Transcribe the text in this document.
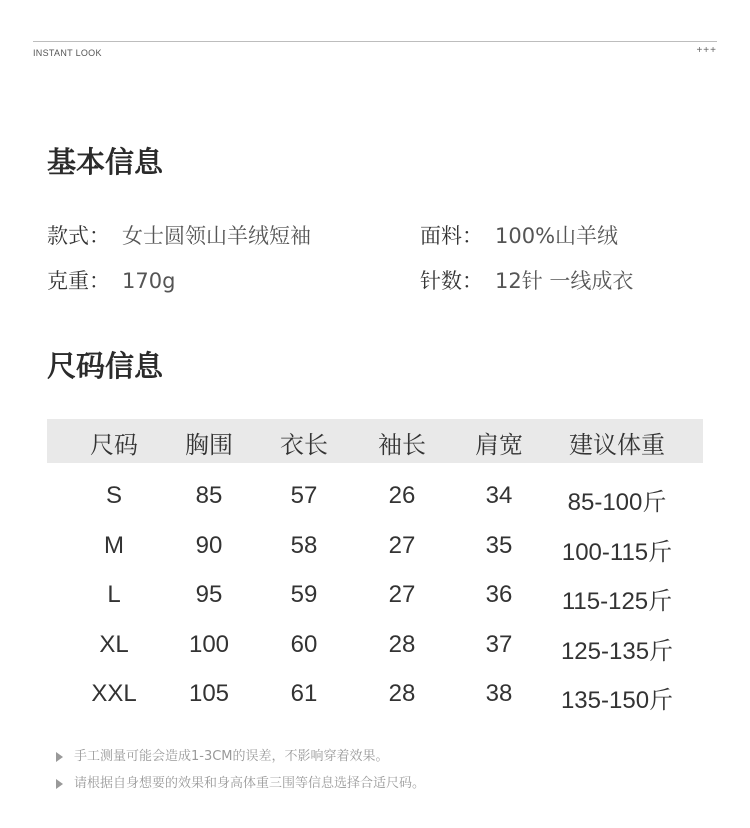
INSTANT LOOK	+++
基本信息
款式： 女士圆领山羊绒短袖	面料： 100%山羊绒
克重： 170g	针数： 12针 一线成衣
尺码信息
尺码 胸围 衣长 袖长 肩宽 建议体重
S	85	57	26	34 85-100斤
M	90	58	27	35 100-115斤
L	95	59	27	36 115-125斤
XL	100	60	28	37 125-135斤
XXL 105	61	28	38 135-150斤
手工测量可能会造成1-3CM的误差，不影响穿着效果。
请根据自身想要的效果和身高体重三围等信息选择合适尺码。
